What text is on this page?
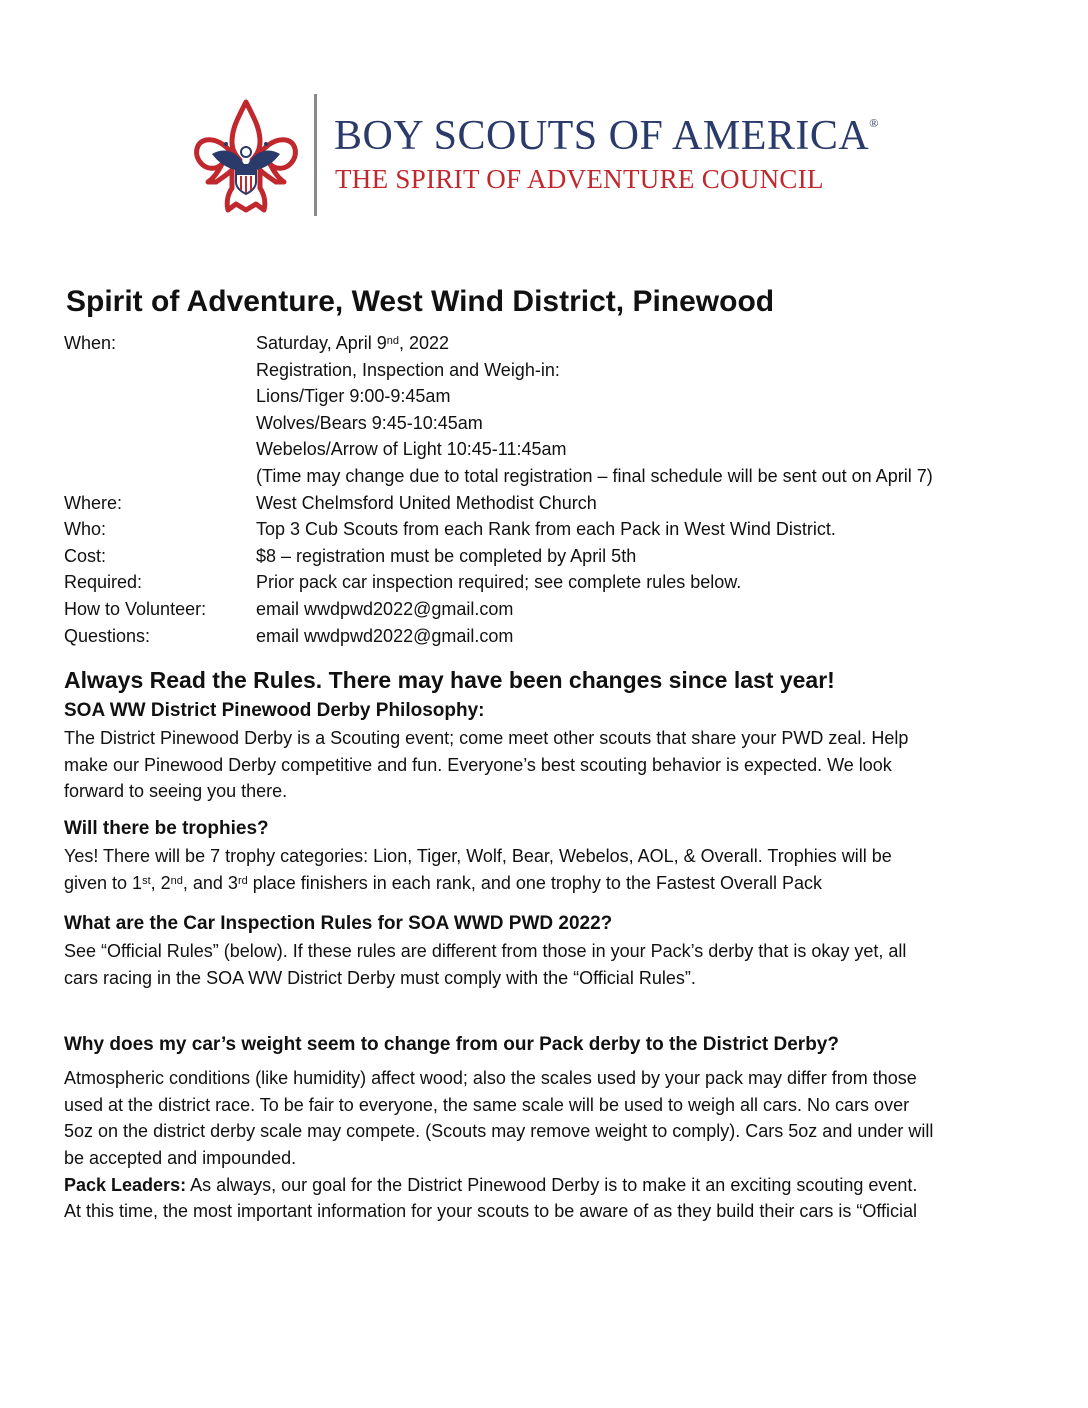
BOY SCOUTS OF AMERICA®
THE SPIRIT OF ADVENTURE COUNCIL
Spirit of Adventure, West Wind District, Pinewood
When:	Saturday, April 9nd, 2022
Registration, Inspection and Weigh-in:
Lions/Tiger 9:00-9:45am
Wolves/Bears 9:45-10:45am
Webelos/Arrow of Light 10:45-11:45am
(Time may change due to total registration – final schedule will be sent out on April 7)
Where:	West Chelmsford United Methodist Church
Who:	Top 3 Cub Scouts from each Rank from each Pack in West Wind District.
Cost:	$8 – registration must be completed by April 5th
Required:	Prior pack car inspection required; see complete rules below.
How to Volunteer:	email wwdpwd2022@gmail.com
Questions:	email wwdpwd2022@gmail.com
Always Read the Rules. There may have been changes since last year!
SOA WW District Pinewood Derby Philosophy:

The District Pinewood Derby is a Scouting event; come meet other scouts that share your PWD zeal. Help

make our Pinewood Derby competitive and fun. Everyone’s best scouting behavior is expected. We look

forward to seeing you there.

Will there be trophies?

Yes! There will be 7 trophy categories: Lion, Tiger, Wolf, Bear, Webelos, AOL, & Overall. Trophies will be

given to 1st, 2nd, and 3rd place finishers in each rank, and one trophy to the Fastest Overall Pack

What are the Car Inspection Rules for SOA WWD PWD 2022?

See “Official Rules” (below). If these rules are different from those in your Pack’s derby that is okay yet, all

cars racing in the SOA WW District Derby must comply with the “Official Rules”.

Why does my car’s weight seem to change from our Pack derby to the District Derby?

Atmospheric conditions (like humidity) affect wood; also the scales used by your pack may differ from those

used at the district race. To be fair to everyone, the same scale will be used to weigh all cars. No cars over

5oz on the district derby scale may compete. (Scouts may remove weight to comply). Cars 5oz and under will

be accepted and impounded.

Pack Leaders: As always, our goal for the District Pinewood Derby is to make it an exciting scouting event.

At this time, the most important information for your scouts to be aware of as they build their cars is “Official
